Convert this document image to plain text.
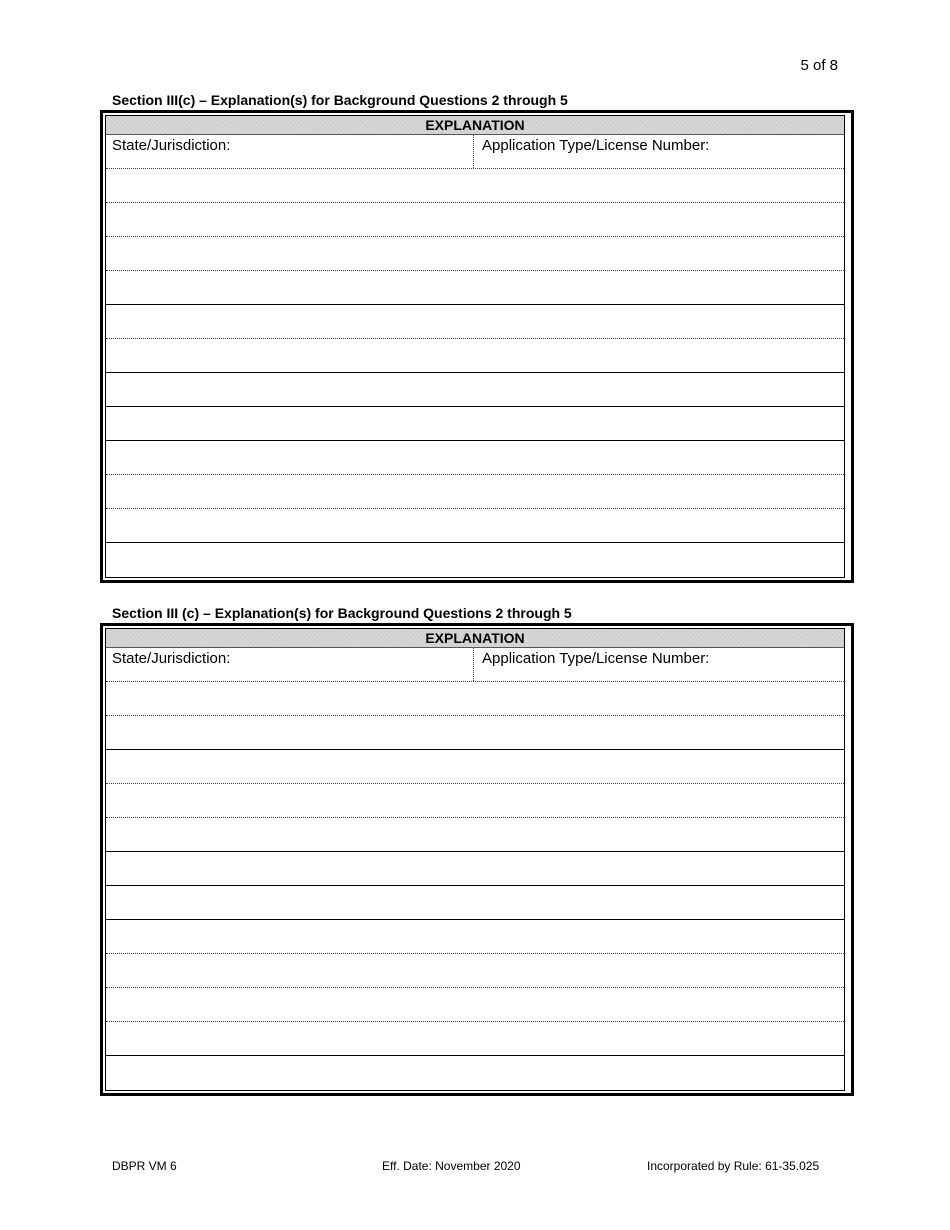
5 of 8
Section III(c) – Explanation(s) for Background Questions 2 through 5
EXPLANATION
State/Jurisdiction:	Application Type/License Number:
Section III (c) – Explanation(s) for Background Questions 2 through 5
EXPLANATION
State/Jurisdiction:	Application Type/License Number:
DBPR VM 6	Eff. Date: November 2020	Incorporated by Rule: 61-35.025
